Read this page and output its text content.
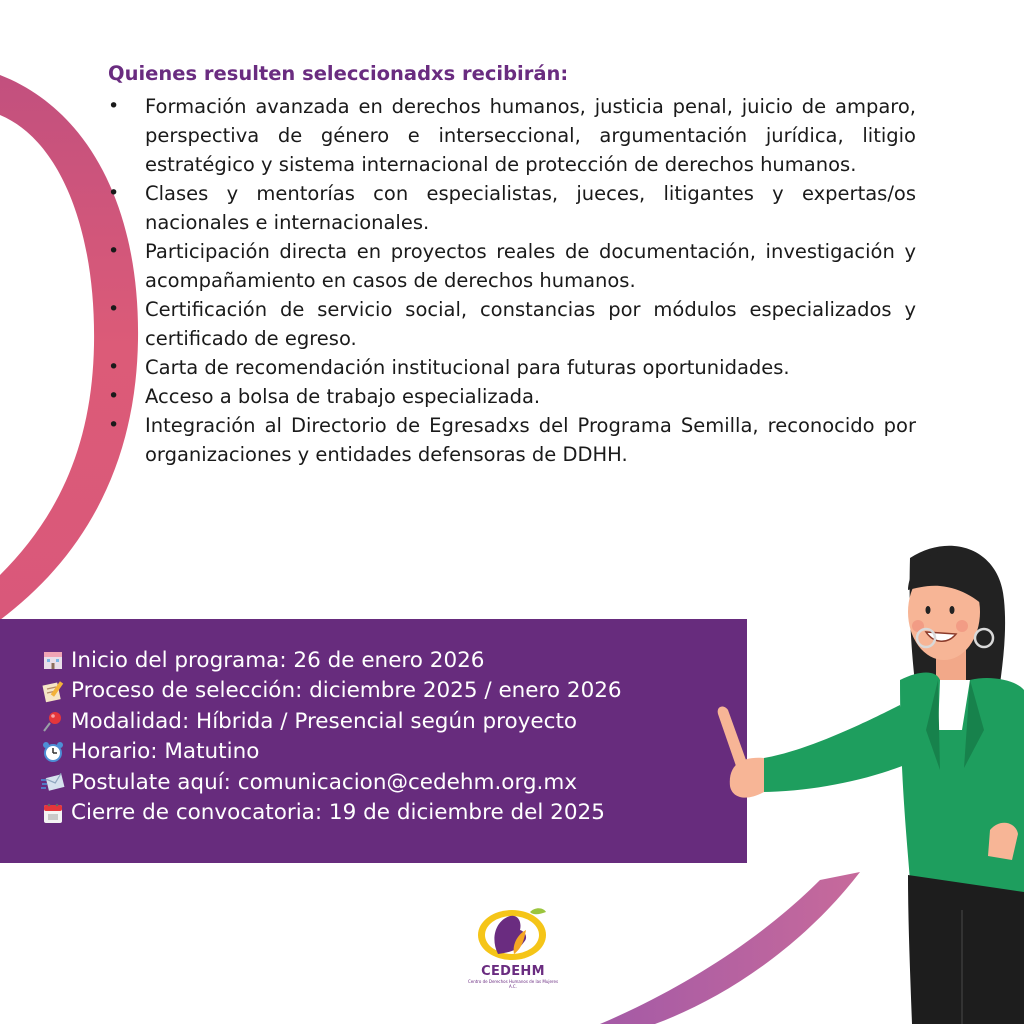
Quienes resulten seleccionadxs recibirán:
• Formación avanzada en derechos humanos, justicia penal, juicio de amparo, perspectiva de género e interseccional, argumentación jurídica, litigio estratégico y sistema internacional de protección de derechos humanos.
• Clases y mentorías con especialistas, jueces, litigantes y expertas/os nacionales e internacionales.
• Participación directa en proyectos reales de documentación, investigación y acompañamiento en casos de derechos humanos.
• Certificación de servicio social, constancias por módulos especializados y certificado de egreso.
• Carta de recomendación institucional para futuras oportunidades.
• Acceso a bolsa de trabajo especializada.
• Integración al Directorio de Egresadxs del Programa Semilla, reconocido por organizaciones y entidades defensoras de DDHH.
Inicio del programa: 26 de enero 2026
Proceso de selección: diciembre 2025 / enero 2026
Modalidad: Híbrida / Presencial según proyecto
Horario: Matutino
Postulate aquí: comunicacion@cedehm.org.mx
Cierre de convocatoria: 19 de diciembre del 2025
CEDEHM
Centro de Derechos Humanos de las Mujeres A.C.
